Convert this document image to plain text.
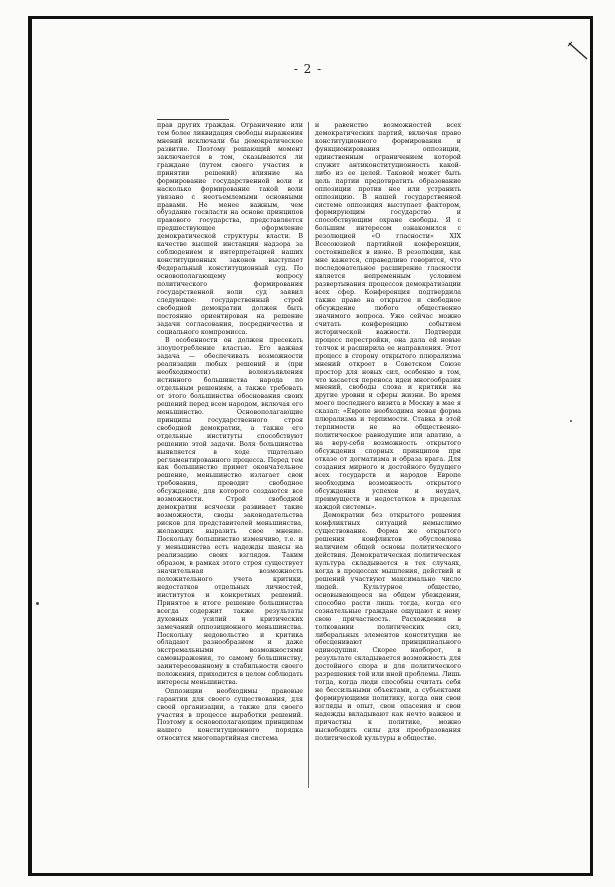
- 2 -

прав других граждан. Ограничение или тем более ликвидация свободы выражения мнений исключали бы демократическое развитие. Поэтому решающий момент заключается в том, сказываются ли граждане (путем своего участия в принятии решений) влияние на формирование государственной воли и насколько формирование такой воли увязано с неотъемлемыми основными правами. Не менее важным, чем обуздание госвласти на основе принципов правового государства, представляется предшествующее оформление демократической структуры власти. В качестве высшей инстанции надзора за соблюдением и интерпретацией наших конституционных законов выступает Федеральный конституционный суд. По основополагающему вопросу политического формирования государственной воли суд заявил следующее: государственный строй свободной демократии должен быть постоянно ориентирован на решение задачи согласования, посредничества и социального компромисса.

В особенности он должен пресекать злоупотребление властью. Его важная задача — обеспечивать возможности реализации любых решений и (при необходимости) волеизъявления истинного большинства народа по отдельным решениям, а также требовать от этого большинства обоснования своих решений перед всем народом, включая его меньшинство. Основополагающие принципы государственного строя свободной демократии, а также его отдельные институты способствуют решению этой задачи. Воля большинства выявляется в ходе тщательно регламентированного процесса. Перед тем как большинство примет окончательное решение, меньшинство излагает свои требования, проводит свободное обсуждение, для которого создаются все возможности. Строй свободной демократии всячески развивает такие возможности, своды законодательства рисков для представителей меньшинства, желающих выразить свое мнение. Поскольку большинство изменчиво, т.е. и у меньшинства есть надежды шансы на реализацию своих взглядов. Таким образом, в рамках этого строя существует значительная возможность положительного учета критики, недостатков отдельных личностей, институтов и конкретных решений. Принятое в итоге решение большинства всегда содержит также результаты духовных усилий и критических замечаний оппозиционного меньшинства. Поскольку недовольство и критика обладают разнообразием и даже экстремальными возможностями самовыражения, то самому большинству, заинтересованному в стабильности своего положения, приходится в целом соблюдать интересы меньшинства.

Оппозиции необходимы правовые гарантии для своего существования, для своей организации, а также для своего участия в процессе выработки решений. Поэтому к основополагающим принципам нашего конституционного порядка относится многопартийная система

и равенство возможностей всех демократических партий, включая право конституционного формирования и функционирования оппозиции, единственным ограничением которой служит антиконституционность какой-либо из ее целей. Таковой может быть цель партии предотвратить образование оппозиции против нее или устранить оппозицию. В нашей государственной системе оппозиция выступает фактором, формирующим государство и способствующим охране свободы. Я с большим интересом ознакомился с резолюцией «О гласности» XIX Всесоюзной партийной конференции, состоявшейся в июне. В резолюции, как мне кажется, справедливо говорится, что последовательное расширение гласности является непременным условием развертывания процессов демократизации всех сфер. Конференция подтвердила также право на открытое и свободное обсуждение любого общественно значимого вопроса. Уже сейчас можно считать конференцию событием исторической важности. Подтверди процесс перестройки, она дала ей новые толчок и расширила ее направления. Этот процесс в сторону открытого плюрализма мнений откроет в Советском Союзе простор для новых сил, особенно в том, что касается переноса идеи многообразия мнений, свободы слова и критики на другие уровни и сферы жизни. Во время моего последнего визита в Москву в мае я сказал: «Европе необходима новая форма плюрализма и терпимости. Ставка в этой терпимости не на общественно-политическое равнодушие или апатию, а на веру-себя возможность открытого обсуждения спорных принципов при отказе от догматизма и образа врага. Для создания мирного и достойного будущего всех государств и народов Европе необходима возможность открытого обсуждения успехов и неудач, преимуществ и недостатков в пределах каждой системы».

Демократии без открытого решения конфликтных ситуаций немыслимо существование. Форма же открытого решения конфликтов обусловлена наличием общей основы политического действия. Демократическая политическая культура складывается в тех случаях, когда в процессах мышления, действий и решений участвуют максимально число людей. Культурное общество, основывающееся на общем убеждении, способно расти лишь тогда, когда его сознательные граждане ощущают к нему свою причастность. Расхождения в толковании политических сил, либеральных элементов конституции не обесценивают принципиального единодушия. Скорее наоборот, в результате складывается возможность для достойного спора и для политического разрешения той или иной проблемы. Лишь тогда, когда люди способны считать себя не бессильными объектами, а субъектами формирующими политику, когда они свои взгляды и опыт, свои опасения и свои надежды вкладывают как нечто важное и причастны к политике, можно высвободить силы для преобразования политической культуры в обществе.
